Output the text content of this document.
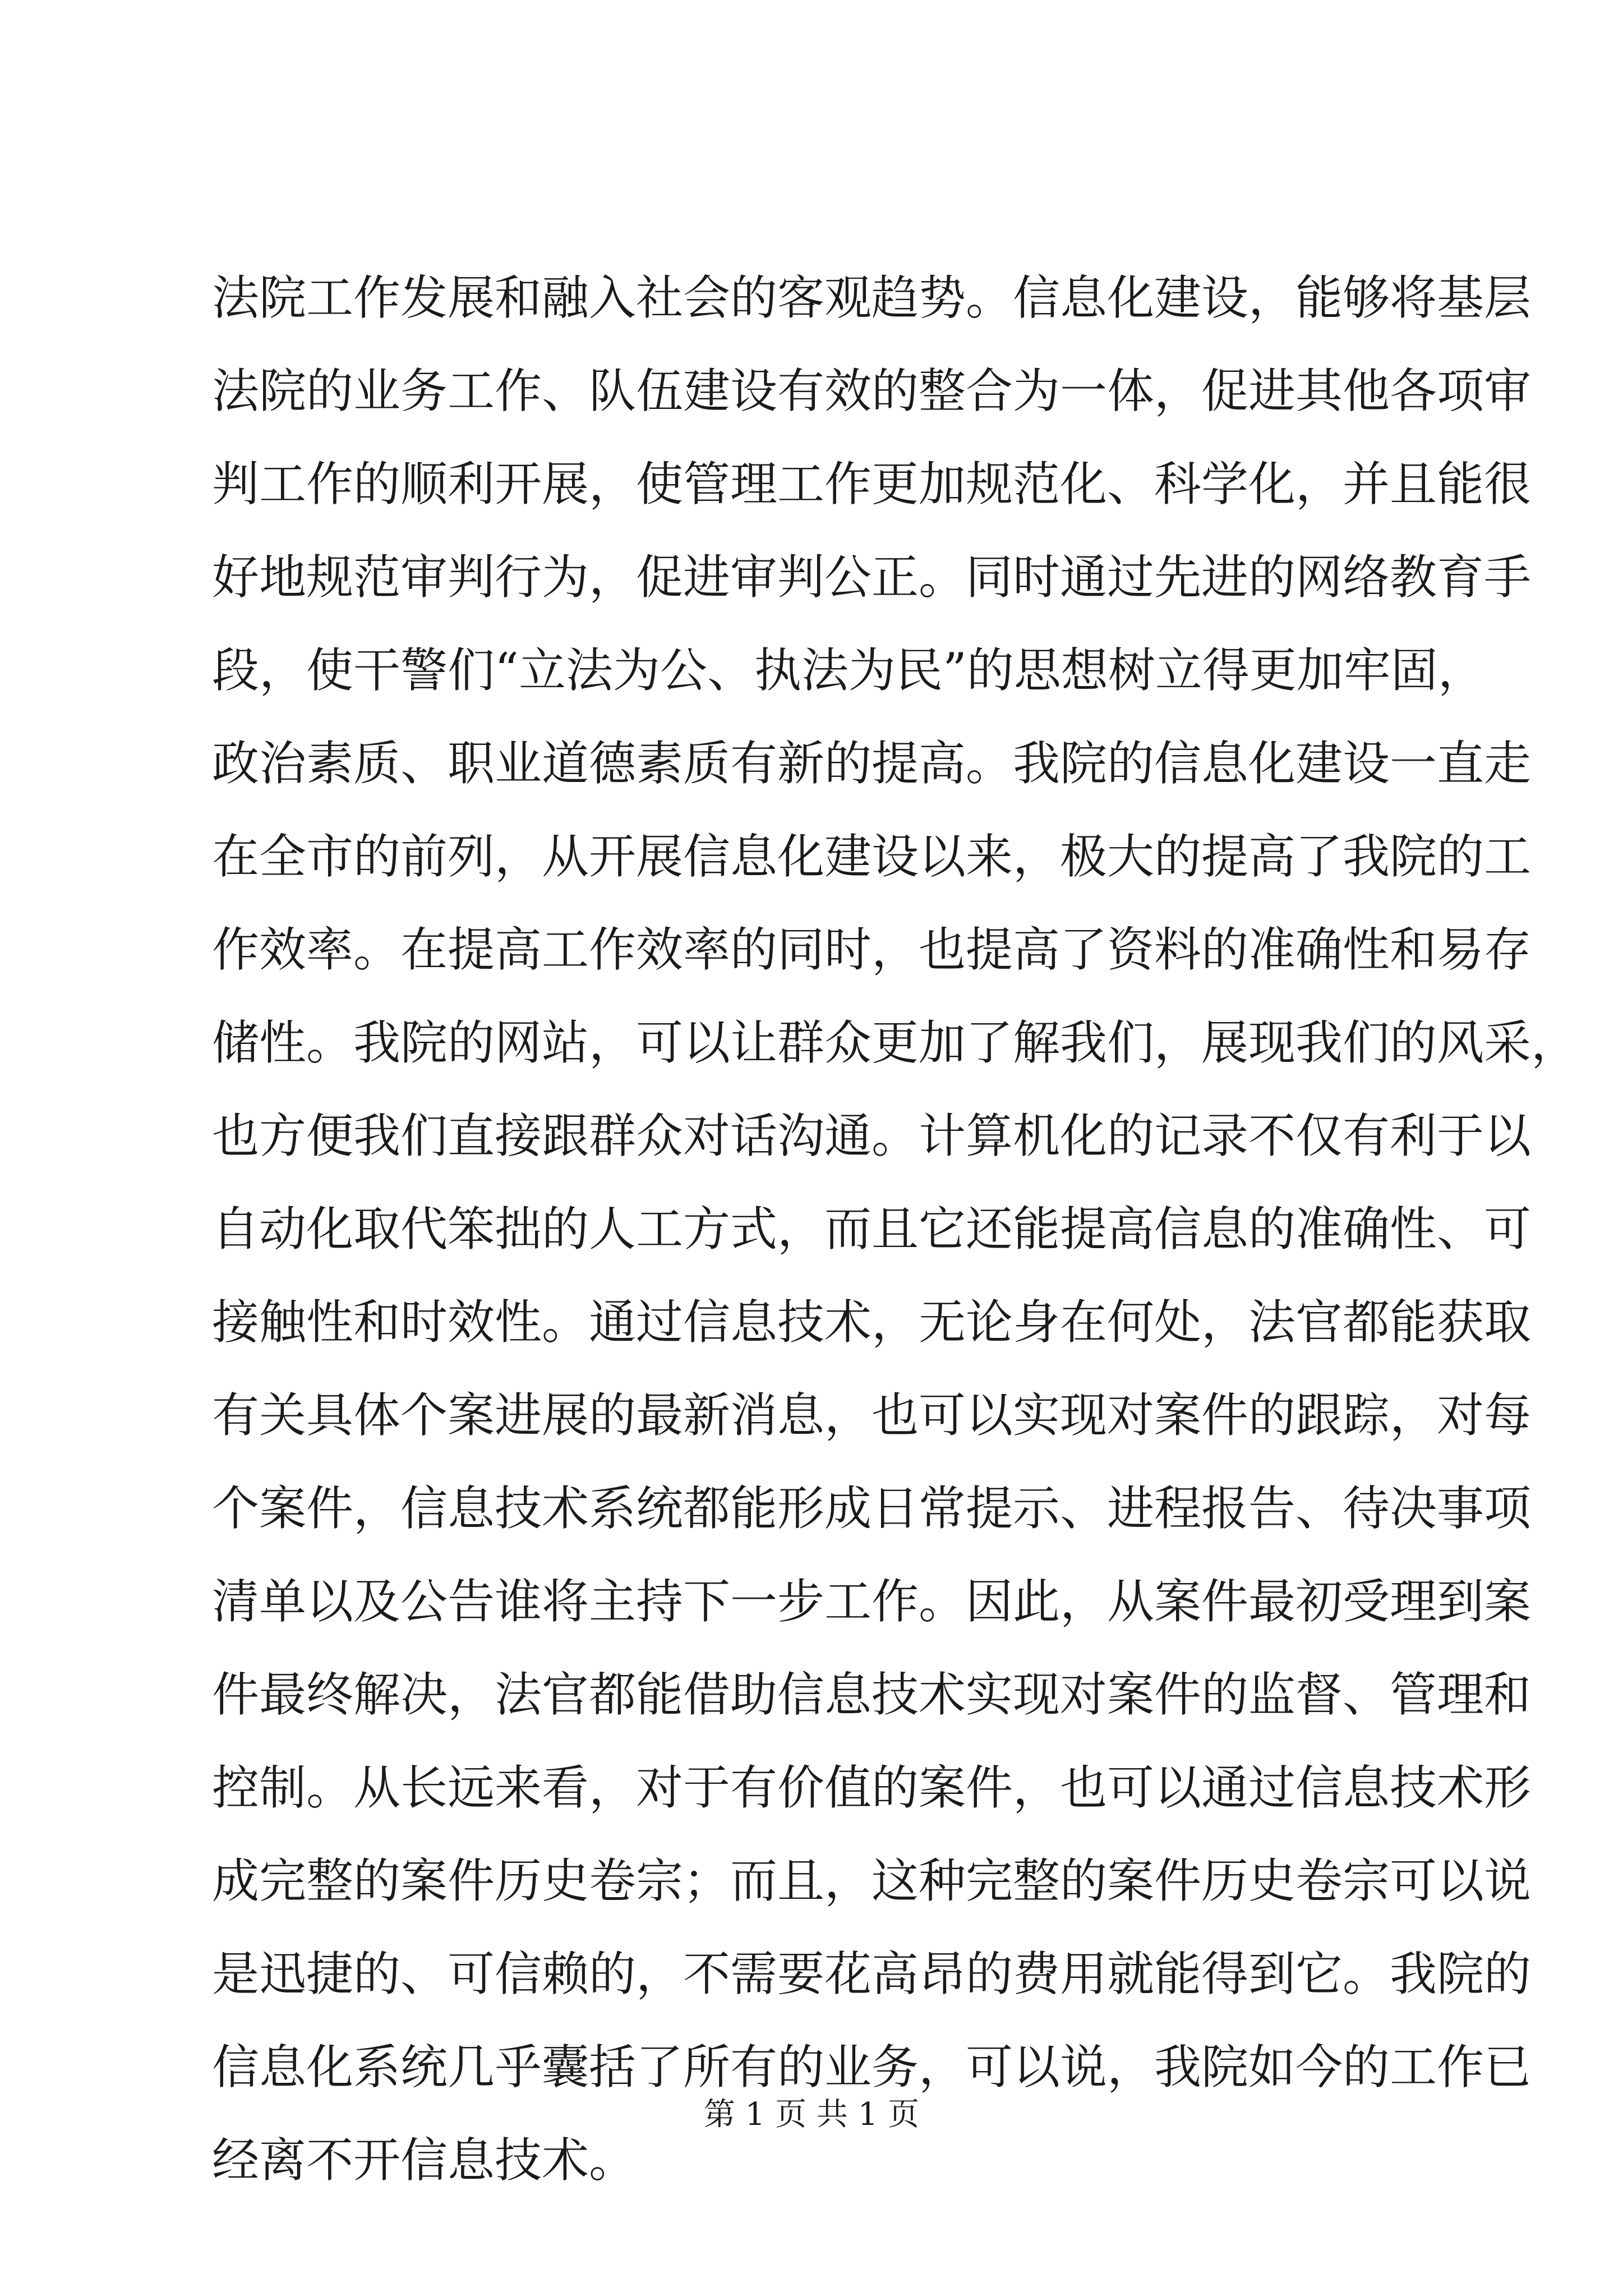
法院工作发展和融入社会的客观趋势。信息化建设，能够将基层
法院的业务工作、队伍建设有效的整合为一体，促进其他各项审
判工作的顺利开展，使管理工作更加规范化、科学化，并且能很
好地规范审判行为，促进审判公正。同时通过先进的网络教育手
段，使干警们“立法为公、执法为民”的思想树立得更加牢固，
政治素质、职业道德素质有新的提高。我院的信息化建设一直走
在全市的前列，从开展信息化建设以来，极大的提高了我院的工
作效率。在提高工作效率的同时，也提高了资料的准确性和易存
储性。我院的网站，可以让群众更加了解我们，展现我们的风采，
也方便我们直接跟群众对话沟通。计算机化的记录不仅有利于以
自动化取代笨拙的人工方式，而且它还能提高信息的准确性、可
接触性和时效性。通过信息技术，无论身在何处，法官都能获取
有关具体个案进展的最新消息，也可以实现对案件的跟踪，对每
个案件，信息技术系统都能形成日常提示、进程报告、待决事项
清单以及公告谁将主持下一步工作。因此，从案件最初受理到案
件最终解决，法官都能借助信息技术实现对案件的监督、管理和
控制。从长远来看，对于有价值的案件，也可以通过信息技术形
成完整的案件历史卷宗；而且，这种完整的案件历史卷宗可以说
是迅捷的、可信赖的，不需要花高昂的费用就能得到它。我院的
信息化系统几乎囊括了所有的业务，可以说，我院如今的工作已
经离不开信息技术。
第 1 页 共 1 页
